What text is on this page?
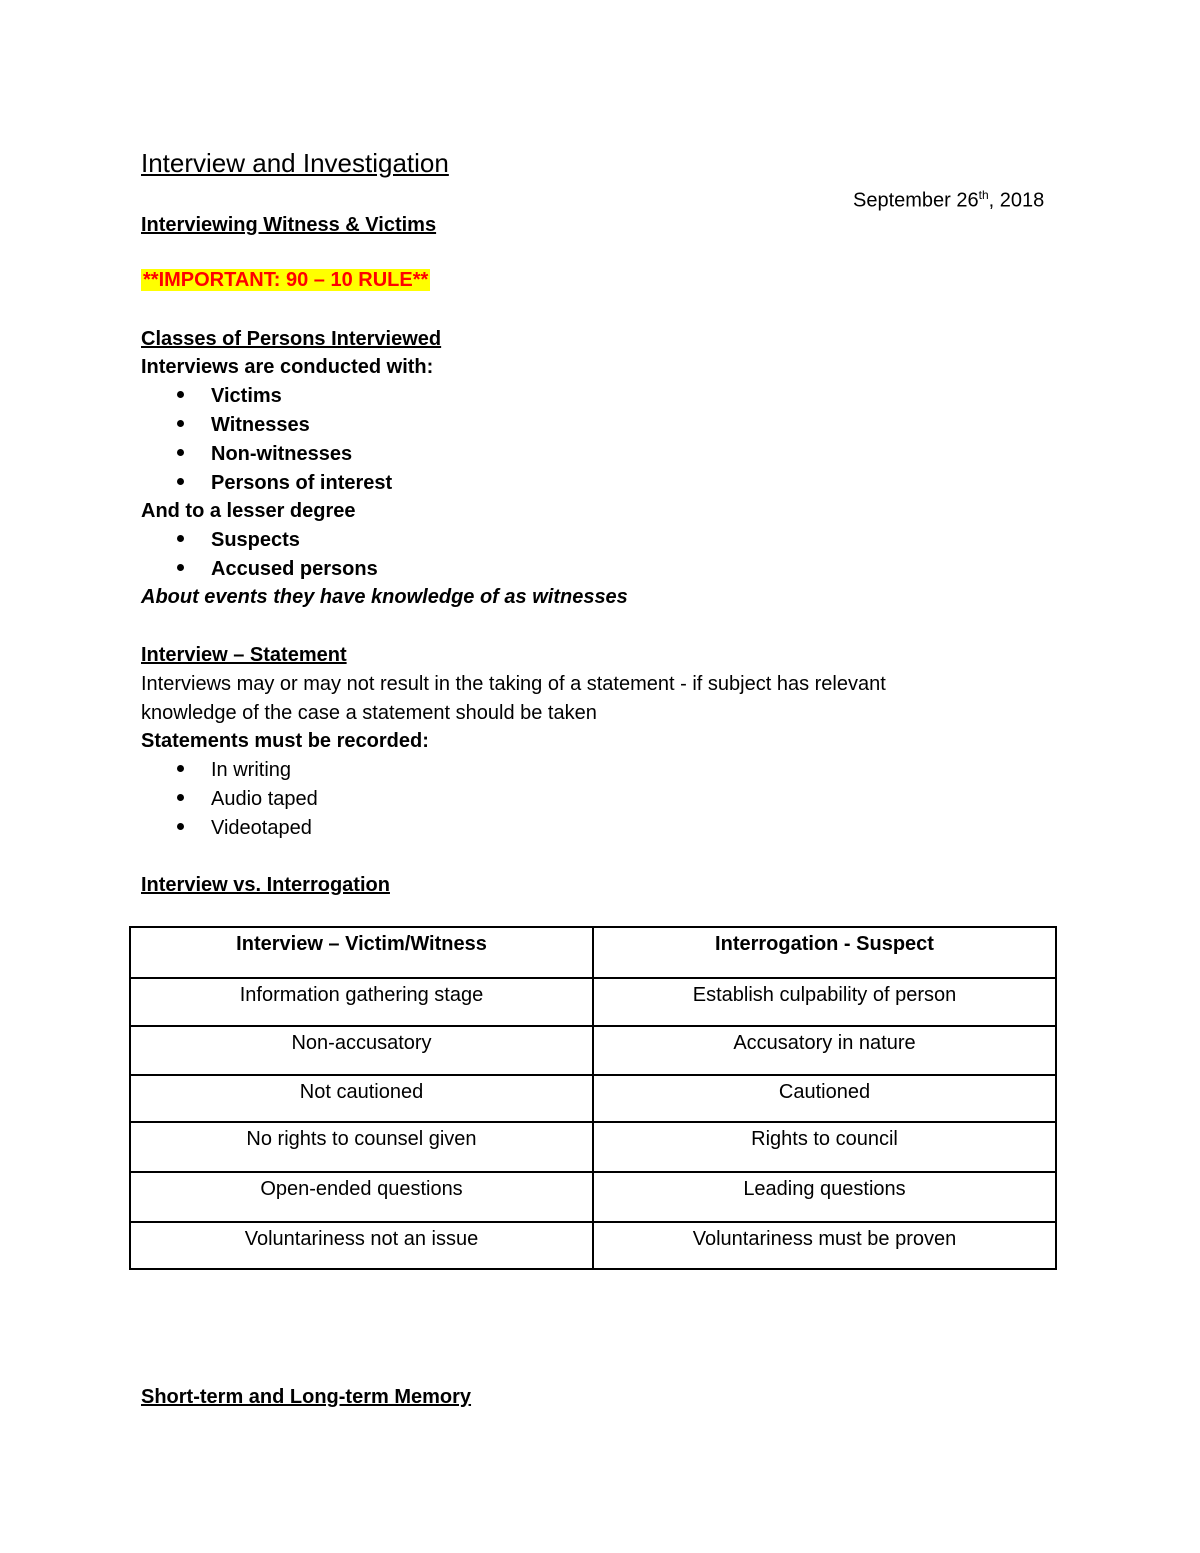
Interview and Investigation
September 26th, 2018
Interviewing Witness & Victims
**IMPORTANT: 90 – 10 RULE**
Classes of Persons Interviewed
Interviews are conducted with:
Victims
Witnesses
Non-witnesses
Persons of interest
And to a lesser degree
Suspects
Accused persons
About events they have knowledge of as witnesses
Interview – Statement
Interviews may or may not result in the taking of a statement - if subject has relevant
knowledge of the case a statement should be taken
Statements must be recorded:
In writing
Audio taped
Videotaped
Interview vs. Interrogation
Interview – Victim/Witness	Interrogation - Suspect
Information gathering stage	Establish culpability of person
Non-accusatory	Accusatory in nature
Not cautioned	Cautioned
No rights to counsel given	Rights to council
Open-ended questions	Leading questions
Voluntariness not an issue	Voluntariness must be proven
Short-term and Long-term Memory
